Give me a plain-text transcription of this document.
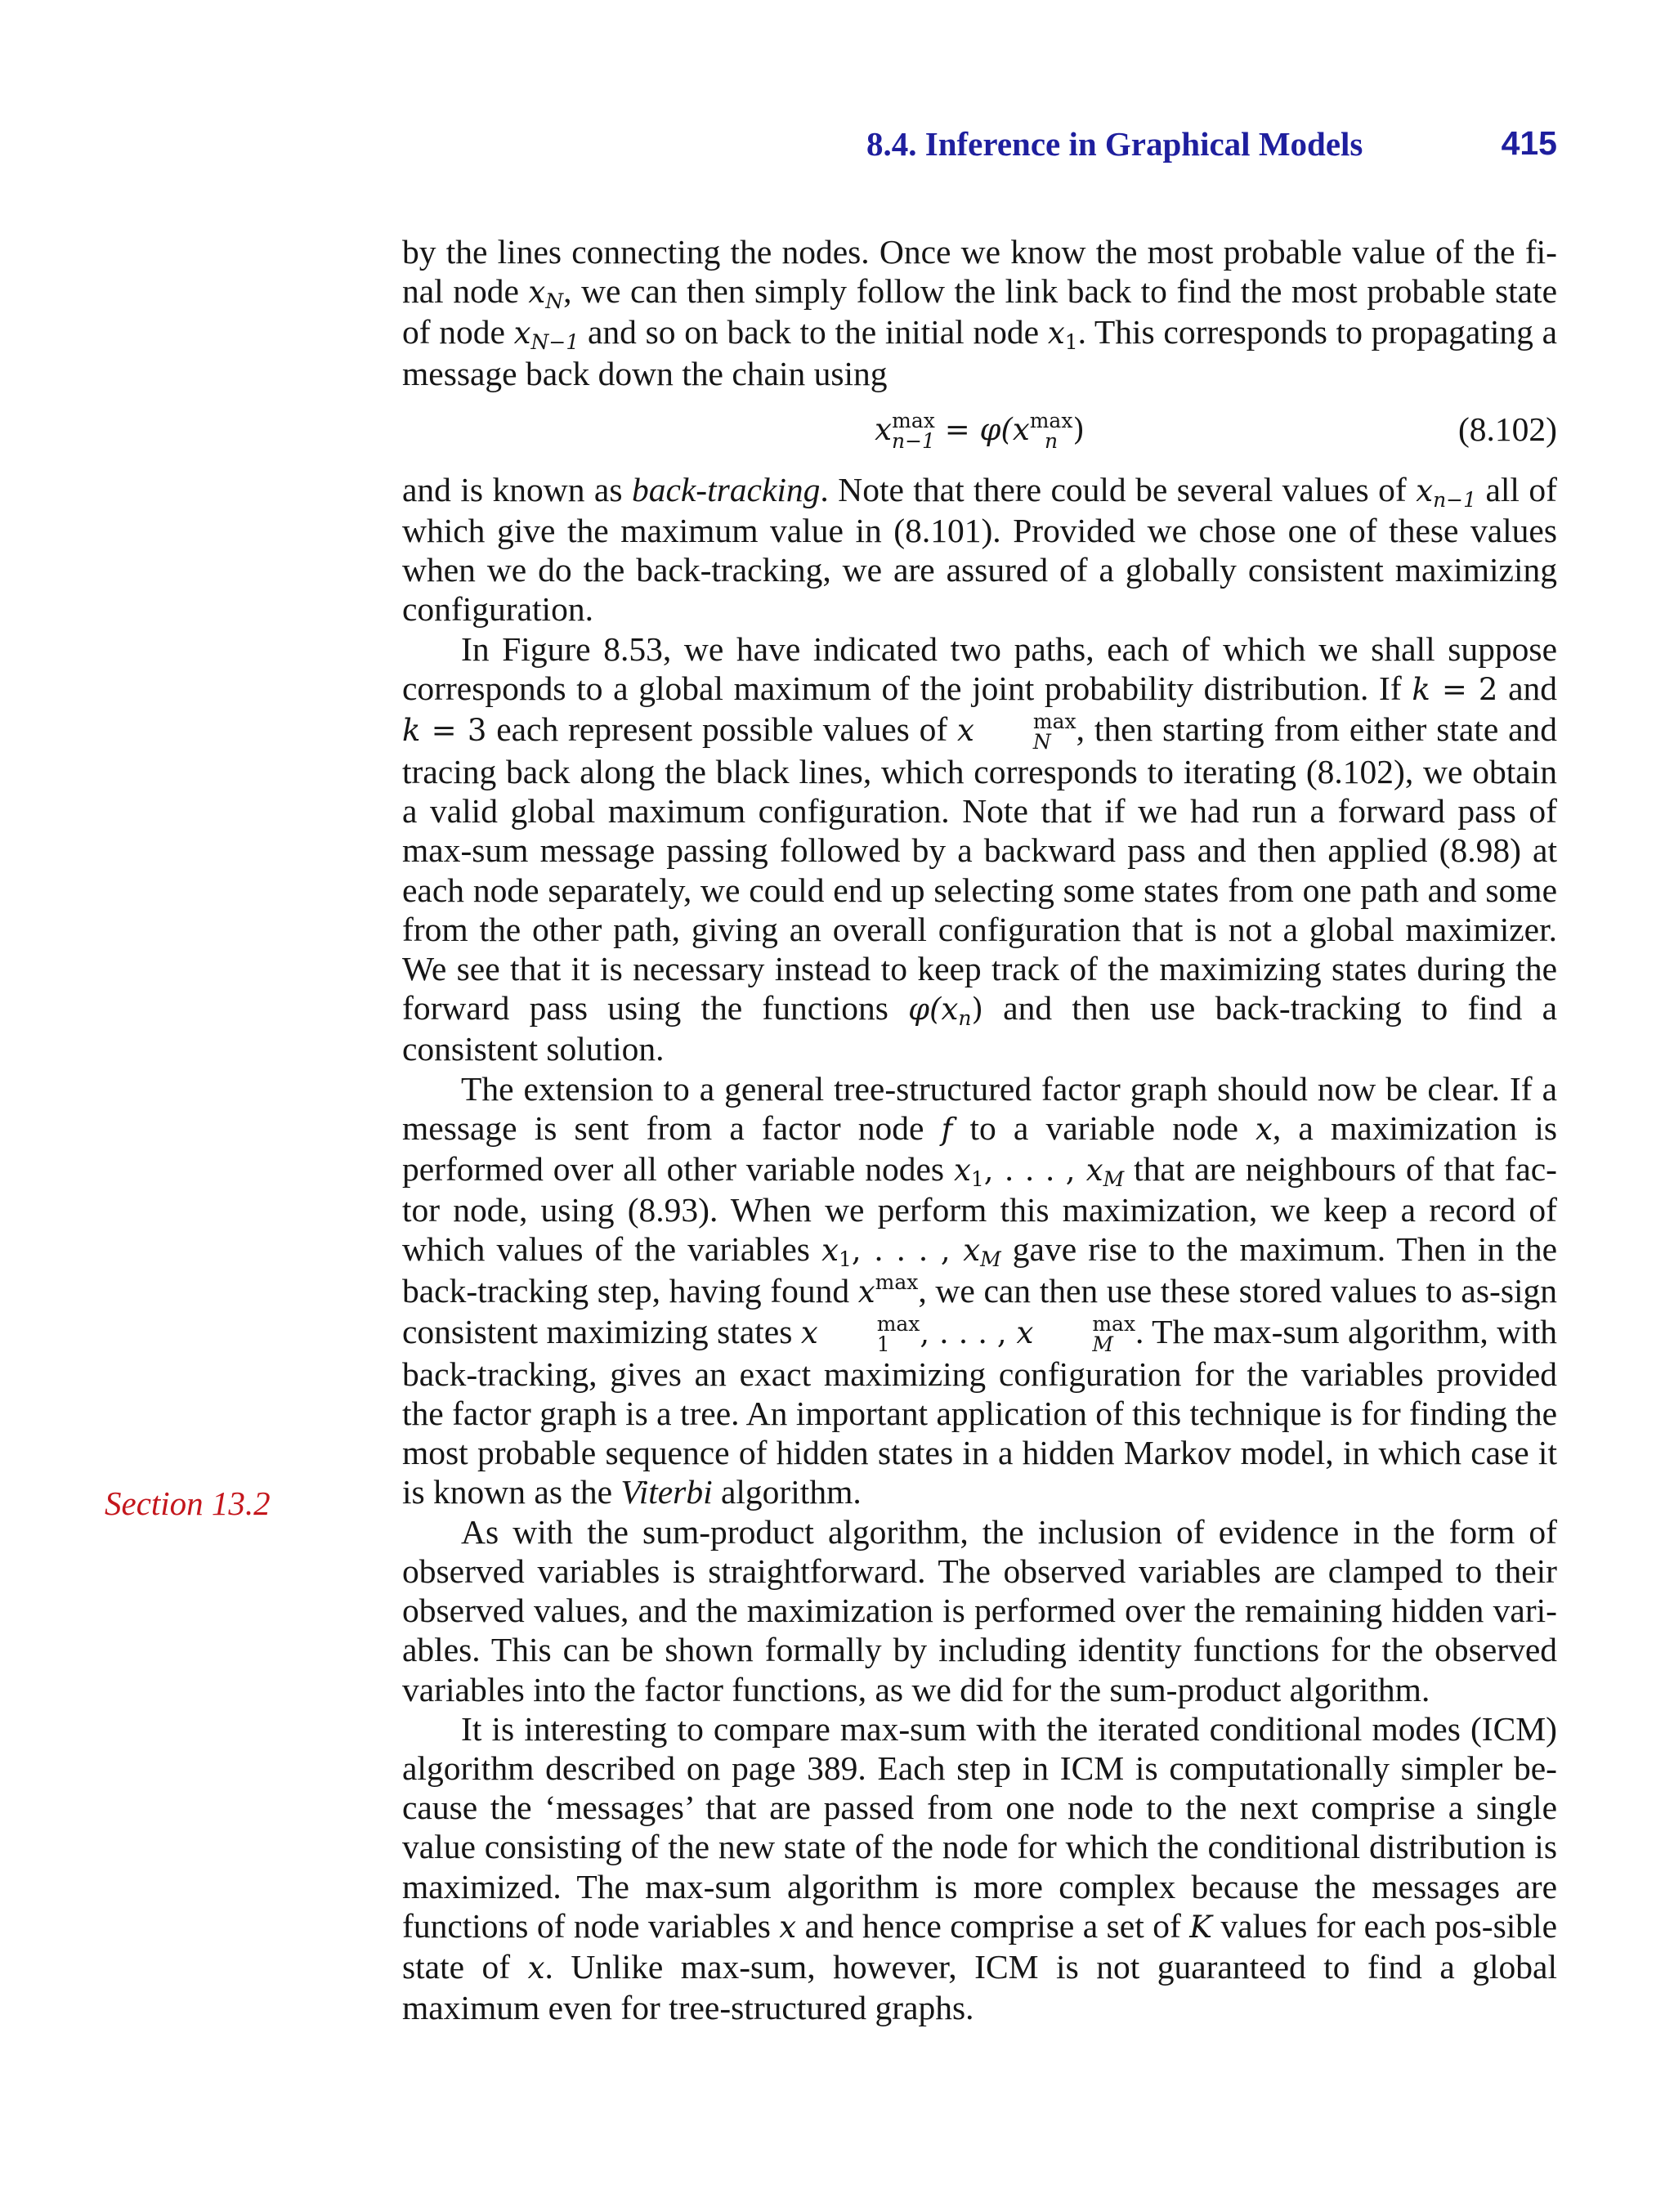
8.4. Inference in Graphical Models	415
Section 13.2

by the lines connecting the nodes. Once we know the most probable value of the fi-nal node xN, we can then simply follow the link back to find the most probable state of node xN−1 and so on back to the initial node x1. This corresponds to propagating a message back down the chain using

x max
n−1 = φ(x max
n )	(8.102)

and is known as back-tracking. Note that there could be several values of xn−1 all of which give the maximum value in (8.101). Provided we chose one of these values when we do the back-tracking, we are assured of a globally consistent maximizing configuration.

In Figure 8.53, we have indicated two paths, each of which we shall suppose corresponds to a global maximum of the joint probability distribution. If k = 2 and k = 3 each represent possible values of x	max
N , then starting from either state and tracing back along the black lines, which corresponds to iterating (8.102), we obtain a valid global maximum configuration. Note that if we had run a forward pass of max-sum message passing followed by a backward pass and then applied (8.98) at each node separately, we could end up selecting some states from one path and some from the other path, giving an overall configuration that is not a global maximizer. We see that it is necessary instead to keep track of the maximizing states during the forward pass using the functions φ(xn) and then use back-tracking to find a consistent solution.

The extension to a general tree-structured factor graph should now be clear. If a message is sent from a factor node f to a variable node x, a maximization is performed over all other variable nodes x1, . . . , xM that are neighbours of that fac-tor node, using (8.93). When we perform this maximization, we keep a record of which values of the variables x1, . . . , xM gave rise to the maximum. Then in the back-tracking step, having found $x^{max}$, we can then use these stored values to as-sign consistent maximizing states x	max
1 , . . . , x	max
M . The max-sum algorithm, with back-tracking, gives an exact maximizing configuration for the variables provided the factor graph is a tree. An important application of this technique is for finding the most probable sequence of hidden states in a hidden Markov model, in which case it is known as the Viterbi algorithm.

As with the sum-product algorithm, the inclusion of evidence in the form of observed variables is straightforward. The observed variables are clamped to their observed values, and the maximization is performed over the remaining hidden vari-ables. This can be shown formally by including identity functions for the observed variables into the factor functions, as we did for the sum-product algorithm.

It is interesting to compare max-sum with the iterated conditional modes (ICM) algorithm described on page 389. Each step in ICM is computationally simpler be-cause the ‘messages’ that are passed from one node to the next comprise a single value consisting of the new state of the node for which the conditional distribution is maximized. The max-sum algorithm is more complex because the messages are functions of node variables x and hence comprise a set of K values for each pos-sible state of x. Unlike max-sum, however, ICM is not guaranteed to find a global maximum even for tree-structured graphs.
